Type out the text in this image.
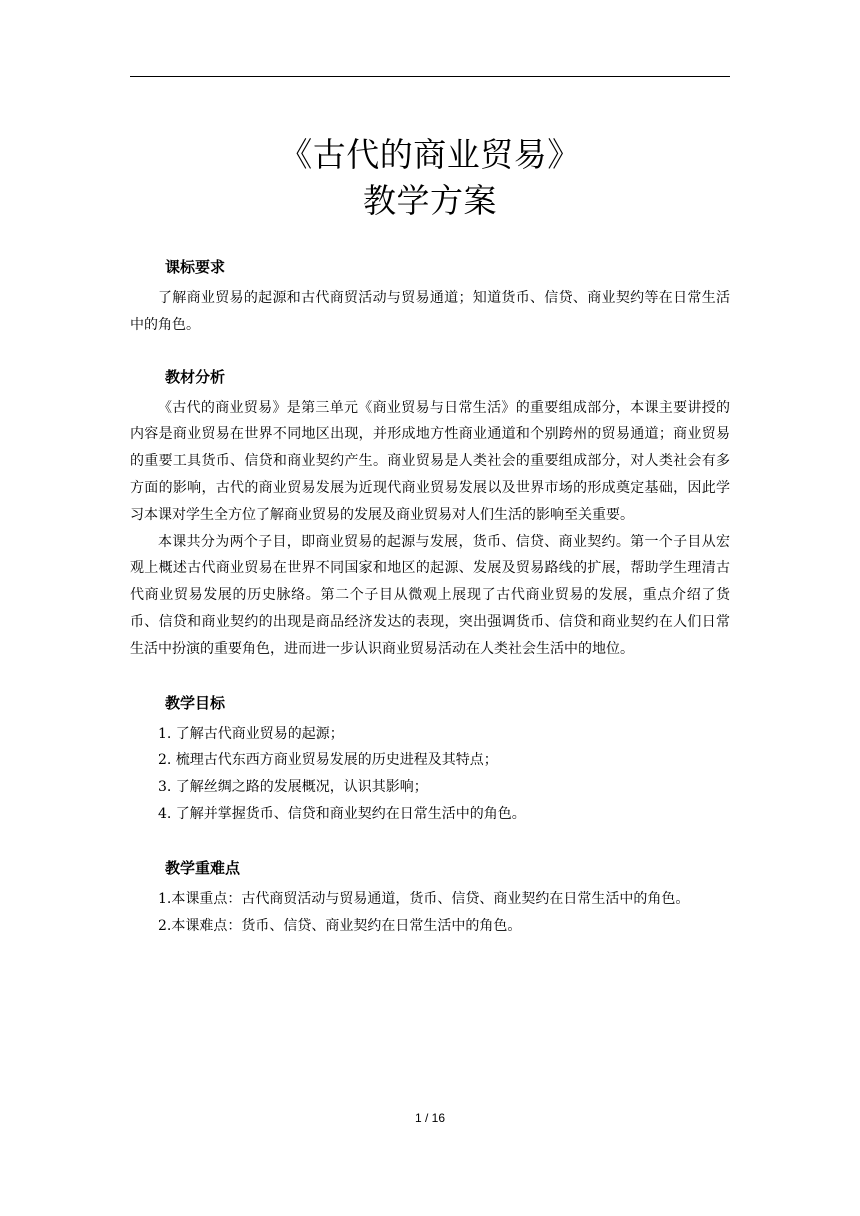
《古代的商业贸易》
教学方案
课标要求

了解商业贸易的起源和古代商贸活动与贸易通道；知道货币、信贷、商业契约等在日常生活中的角色。

教材分析

《古代的商业贸易》是第三单元《商业贸易与日常生活》的重要组成部分，本课主要讲授的内容是商业贸易在世界不同地区出现，并形成地方性商业通道和个别跨州的贸易通道；商业贸易的重要工具货币、信贷和商业契约产生。商业贸易是人类社会的重要组成部分，对人类社会有多方面的影响，古代的商业贸易发展为近现代商业贸易发展以及世界市场的形成奠定基础，因此学习本课对学生全方位了解商业贸易的发展及商业贸易对人们生活的影响至关重要。

本课共分为两个子目，即商业贸易的起源与发展，货币、信贷、商业契约。第一个子目从宏观上概述古代商业贸易在世界不同国家和地区的起源、发展及贸易路线的扩展，帮助学生理清古代商业贸易发展的历史脉络。第二个子目从微观上展现了古代商业贸易的发展，重点介绍了货币、信贷和商业契约的出现是商品经济发达的表现，突出强调货币、信贷和商业契约在人们日常生活中扮演的重要角色，进而进一步认识商业贸易活动在人类社会生活中的地位。

教学目标

1. 了解古代商业贸易的起源；

2. 梳理古代东西方商业贸易发展的历史进程及其特点；

3. 了解丝绸之路的发展概况，认识其影响；

4. 了解并掌握货币、信贷和商业契约在日常生活中的角色。

教学重难点

1.本课重点：古代商贸活动与贸易通道，货币、信贷、商业契约在日常生活中的角色。

2.本课难点：货币、信贷、商业契约在日常生活中的角色。

1 / 16
